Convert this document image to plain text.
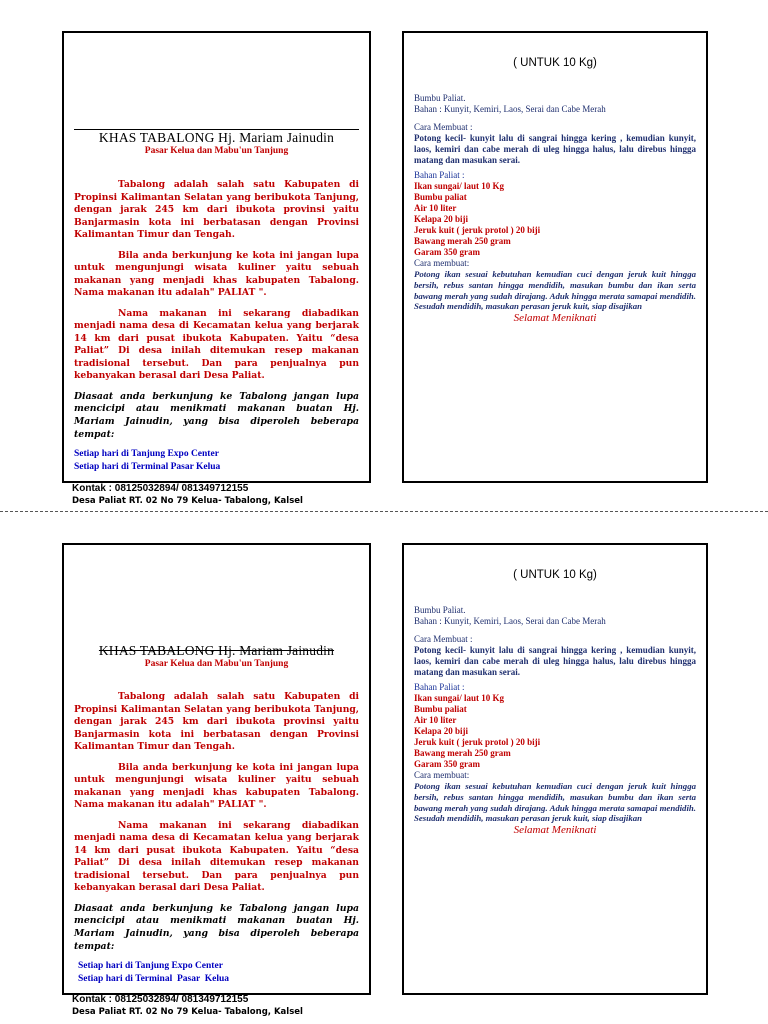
KHAS TABALONG Hj. Mariam Jainudin
Pasar Kelua dan Mabu'un Tanjung

Tabalong adalah salah satu Kabupaten di Propinsi Kalimantan Selatan yang beribukota Tanjung, dengan jarak 245 km dari ibukota provinsi yaitu Banjarmasin kota ini berbatasan dengan Provinsi Kalimantan Timur dan Tengah.

Bila anda berkunjung ke kota ini jangan lupa untuk mengunjungi wisata kuliner yaitu sebuah makanan yang menjadi khas kabupaten Tabalong. Nama makanan itu adalah" PALIAT ".

Nama makanan ini sekarang diabadikan menjadi nama desa di Kecamatan kelua yang berjarak 14 km dari pusat ibukota Kabupaten. Yaitu “desa Paliat” Di desa inilah ditemukan resep makanan tradisional tersebut. Dan para penjualnya pun kebanyakan berasal dari Desa Paliat.

Diasaat anda berkunjung ke Tabalong jangan lupa mencicipi atau menikmati makanan buatan Hj. Mariam Jainudin, yang bisa diperoleh beberapa tempat:

Setiap hari di Tanjung Expo Center
Setiap hari di Terminal Pasar Kelua
Kontak : 08125032894/ 081349712155
Desa Paliat RT. 02 No 79 Kelua- Tabalong, Kalsel
( UNTUK 10 Kg)
Bumbu Paliat.
Bahan : Kunyit, Kemiri, Laos, Serai dan Cabe Merah
Cara Membuat :
Potong kecil- kunyit lalu di sangrai hingga kering , kemudian kunyit, laos, kemiri dan cabe merah di uleg hingga halus, lalu direbus hingga matang dan masukan serai.
Bahan Paliat :
Ikan sungai/ laut 10 Kg
Bumbu paliat
Air 10 liter
Kelapa 20 biji
Jeruk kuit ( jeruk protol ) 20 biji
Bawang merah 250 gram
Garam 350 gram
Cara membuat:
Potong ikan sesuai kebutuhan kemudian cuci dengan jeruk kuit hingga bersih, rebus santan hingga mendidih, masukan bumbu dan ikan serta bawang merah yang sudah dirajang. Aduk hingga merata samapai mendidih. Sesudah mendidih, masukan perasan jeruk kuit, siap disajikan
Selamat Meniknati
KHAS TABALONG Hj. Mariam Jainudin
Pasar Kelua dan Mabu'un Tanjung

Tabalong adalah salah satu Kabupaten di Propinsi Kalimantan Selatan yang beribukota Tanjung, dengan jarak 245 km dari ibukota provinsi yaitu Banjarmasin kota ini berbatasan dengan Provinsi Kalimantan Timur dan Tengah.

Bila anda berkunjung ke kota ini jangan lupa untuk mengunjungi wisata kuliner yaitu sebuah makanan yang menjadi khas kabupaten Tabalong. Nama makanan itu adalah" PALIAT ".

Nama makanan ini sekarang diabadikan menjadi nama desa di Kecamatan kelua yang berjarak 14 km dari pusat ibukota Kabupaten. Yaitu “desa Paliat” Di desa inilah ditemukan resep makanan tradisional tersebut. Dan para penjualnya pun kebanyakan berasal dari Desa Paliat.

Diasaat anda berkunjung ke Tabalong jangan lupa mencicipi atau menikmati makanan buatan Hj. Mariam Jainudin, yang bisa diperoleh beberapa tempat:

Setiap hari di Tanjung Expo Center
Setiap hari di Terminal  Pasar  Kelua
Kontak : 08125032894/ 081349712155
Desa Paliat RT. 02 No 79 Kelua- Tabalong, Kalsel
( UNTUK 10 Kg)
Bumbu Paliat.
Bahan : Kunyit, Kemiri, Laos, Serai dan Cabe Merah
Cara Membuat :
Potong kecil- kunyit lalu di sangrai hingga kering , kemudian kunyit, laos, kemiri dan cabe merah di uleg hingga halus, lalu direbus hingga matang dan masukan serai.
Bahan Paliat :
Ikan sungai/ laut 10 Kg
Bumbu paliat
Air 10 liter
Kelapa 20 biji
Jeruk kuit ( jeruk protol ) 20 biji
Bawang merah 250 gram
Garam 350 gram
Cara membuat:
Potong ikan sesuai kebutuhan kemudian cuci dengan jeruk kuit hingga bersih, rebus santan hingga mendidih, masukan bumbu dan ikan serta bawang merah yang sudah dirajang. Aduk hingga merata samapai mendidih. Sesudah mendidih, masukan perasan jeruk kuit, siap disajikan
Selamat Meniknati
